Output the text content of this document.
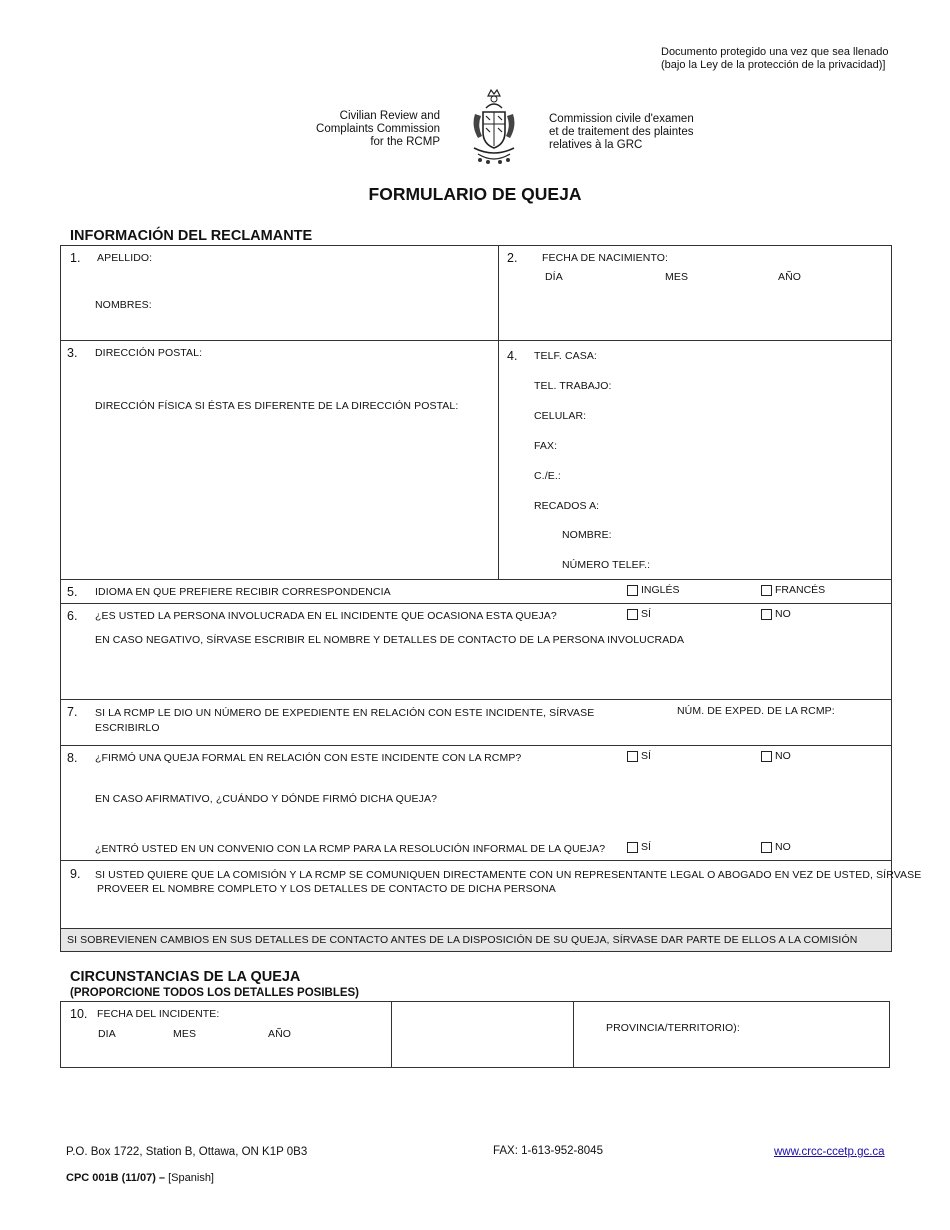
Documento protegido una vez que sea llenado
(bajo la Ley de la protección de la privacidad)]
Civilian Review and
Complaints Commission
for the RCMP
Commission civile d'examen
et de traitement des plaintes
relatives à la GRC
FORMULARIO DE QUEJA
INFORMACIÓN DEL RECLAMANTE
1. APELLIDO:
NOMBRES:
2. FECHA DE NACIMIENTO:
DÍA	MES	AÑO
3. DIRECCIÓN POSTAL:
DIRECCIÓN FÍSICA SI ÉSTA ES DIFERENTE DE LA DIRECCIÓN POSTAL:
4. TELF. CASA:
TEL. TRABAJO:
CELULAR:
FAX:
C./E.:
RECADOS A:
NOMBRE:
NÚMERO TELEF.:
5. IDIOMA EN QUE PREFIERE RECIBIR CORRESPONDENCIA	INGLÉS	FRANCÉS
6. ¿ES USTED LA PERSONA INVOLUCRADA EN EL INCIDENTE QUE OCASIONA ESTA QUEJA?	SÍ	NO
EN CASO NEGATIVO, SÍRVASE ESCRIBIR EL NOMBRE Y DETALLES DE CONTACTO DE LA PERSONA INVOLUCRADA
7. SI LA RCMP LE DIO UN NÚMERO DE EXPEDIENTE EN RELACIÓN CON ESTE INCIDENTE, SÍRVASE
ESCRIBIRLO
NÚM. DE EXPED. DE LA RCMP:
8. ¿FIRMÓ UNA QUEJA FORMAL EN RELACIÓN CON ESTE INCIDENTE CON LA RCMP?	SÍ	NO
EN CASO AFIRMATIVO, ¿CUÁNDO Y DÓNDE FIRMÓ DICHA QUEJA?
¿ENTRÓ USTED EN UN CONVENIO CON LA RCMP PARA LA RESOLUCIÓN INFORMAL DE LA QUEJA?	SÍ	NO
9. SI USTED QUIERE QUE LA COMISIÓN Y LA RCMP SE COMUNIQUEN DIRECTAMENTE CON UN REPRESENTANTE LEGAL O ABOGADO EN VEZ DE USTED, SÍRVASE
PROVEER EL NOMBRE COMPLETO Y LOS DETALLES DE CONTACTO DE DICHA PERSONA
SI SOBREVIENEN CAMBIOS EN SUS DETALLES DE CONTACTO ANTES DE LA DISPOSICIÓN DE SU QUEJA, SÍRVASE DAR PARTE DE ELLOS A LA COMISIÓN
CIRCUNSTANCIAS DE LA QUEJA
(PROPORCIONE TODOS LOS DETALLES POSIBLES)
10. FECHA DEL INCIDENTE:
DIA	MES	AÑO	PROVINCIA/TERRITORIO):
P.O. Box 1722, Station B, Ottawa, ON K1P 0B3	FAX: 1-613-952-8045	www.crcc-ccetp.gc.ca
CPC 001B (11/07) – [Spanish]
